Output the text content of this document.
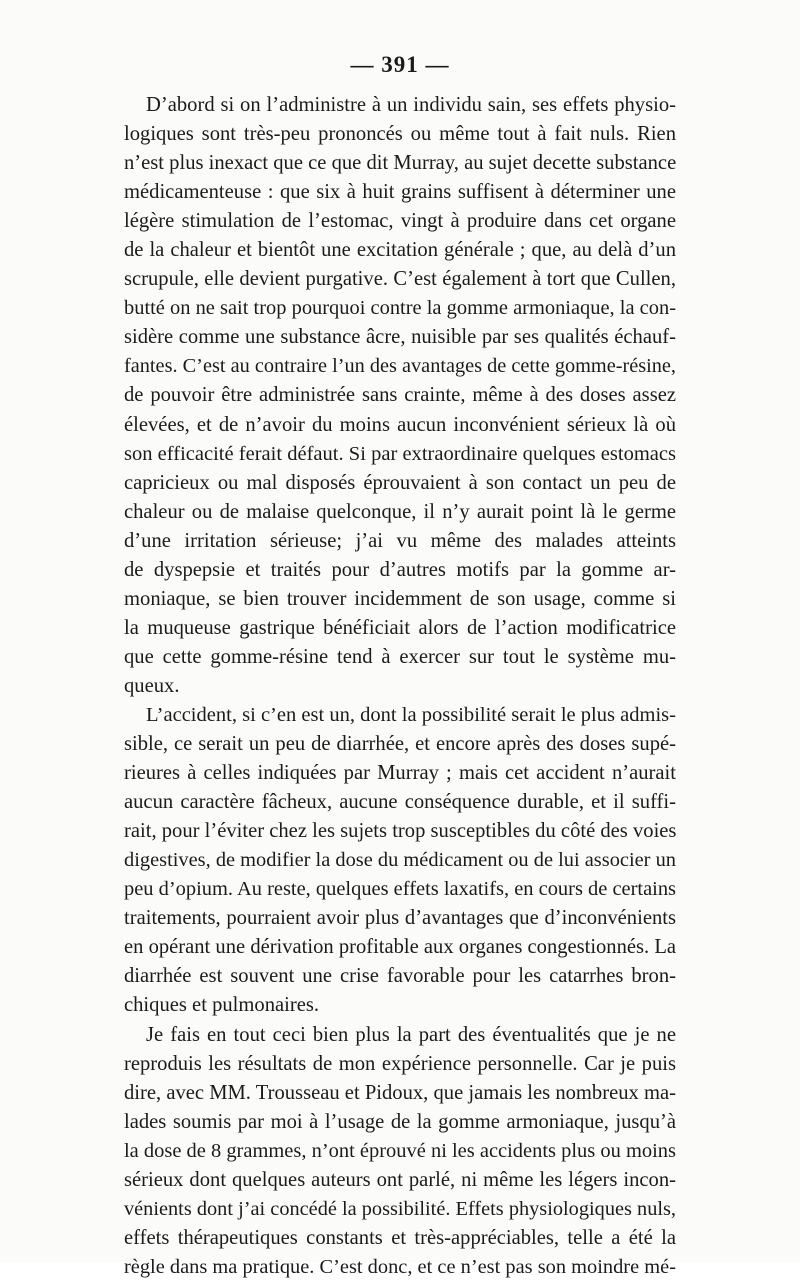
— 391 —
D’abord si on l’administre à un individu sain, ses effets physio-
logiques sont très-peu prononcés ou même tout à fait nuls. Rien
n’est plus inexact que ce que dit Murray, au sujet decette substance
médicamenteuse : que six à huit grains suffisent à déterminer une
légère stimulation de l’estomac, vingt à produire dans cet organe
de la chaleur et bientôt une excitation générale ; que, au delà d’un
scrupule, elle devient purgative. C’est également à tort que Cullen,
butté on ne sait trop pourquoi contre la gomme armoniaque, la con-
sidère comme une substance âcre, nuisible par ses qualités échauf-
fantes. C’est au contraire l’un des avantages de cette gomme-résine,
de pouvoir être administrée sans crainte, même à des doses assez
élevées, et de n’avoir du moins aucun inconvénient sérieux là où
son efficacité ferait défaut. Si par extraordinaire quelques estomacs
capricieux ou mal disposés éprouvaient à son contact un peu de
chaleur ou de malaise quelconque, il n’y aurait point là le germe
d’une irritation sérieuse; j’ai vu même des malades atteints
de dyspepsie et traités pour d’autres motifs par la gomme ar-
moniaque, se bien trouver incidemment de son usage, comme si
la muqueuse gastrique bénéficiait alors de l’action modificatrice
que cette gomme-résine tend à exercer sur tout le système mu-
queux.
L’accident, si c’en est un, dont la possibilité serait le plus admis-
sible, ce serait un peu de diarrhée, et encore après des doses supé-
rieures à celles indiquées par Murray ; mais cet accident n’aurait
aucun caractère fâcheux, aucune conséquence durable, et il suffi-
rait, pour l’éviter chez les sujets trop susceptibles du côté des voies
digestives, de modifier la dose du médicament ou de lui associer un
peu d’opium. Au reste, quelques effets laxatifs, en cours de certains
traitements, pourraient avoir plus d’avantages que d’inconvénients
en opérant une dérivation profitable aux organes congestionnés. La
diarrhée est souvent une crise favorable pour les catarrhes bron-
chiques et pulmonaires.
Je fais en tout ceci bien plus la part des éventualités que je ne
reproduis les résultats de mon expérience personnelle. Car je puis
dire, avec MM. Trousseau et Pidoux, que jamais les nombreux ma-
lades soumis par moi à l’usage de la gomme armoniaque, jusqu’à
la dose de 8 grammes, n’ont éprouvé ni les accidents plus ou moins
sérieux dont quelques auteurs ont parlé, ni même les légers incon-
vénients dont j’ai concédé la possibilité. Effets physiologiques nuls,
effets thérapeutiques constants et très-appréciables, telle a été la
règle dans ma pratique. C’est donc, et ce n’est pas son moindre mé-
